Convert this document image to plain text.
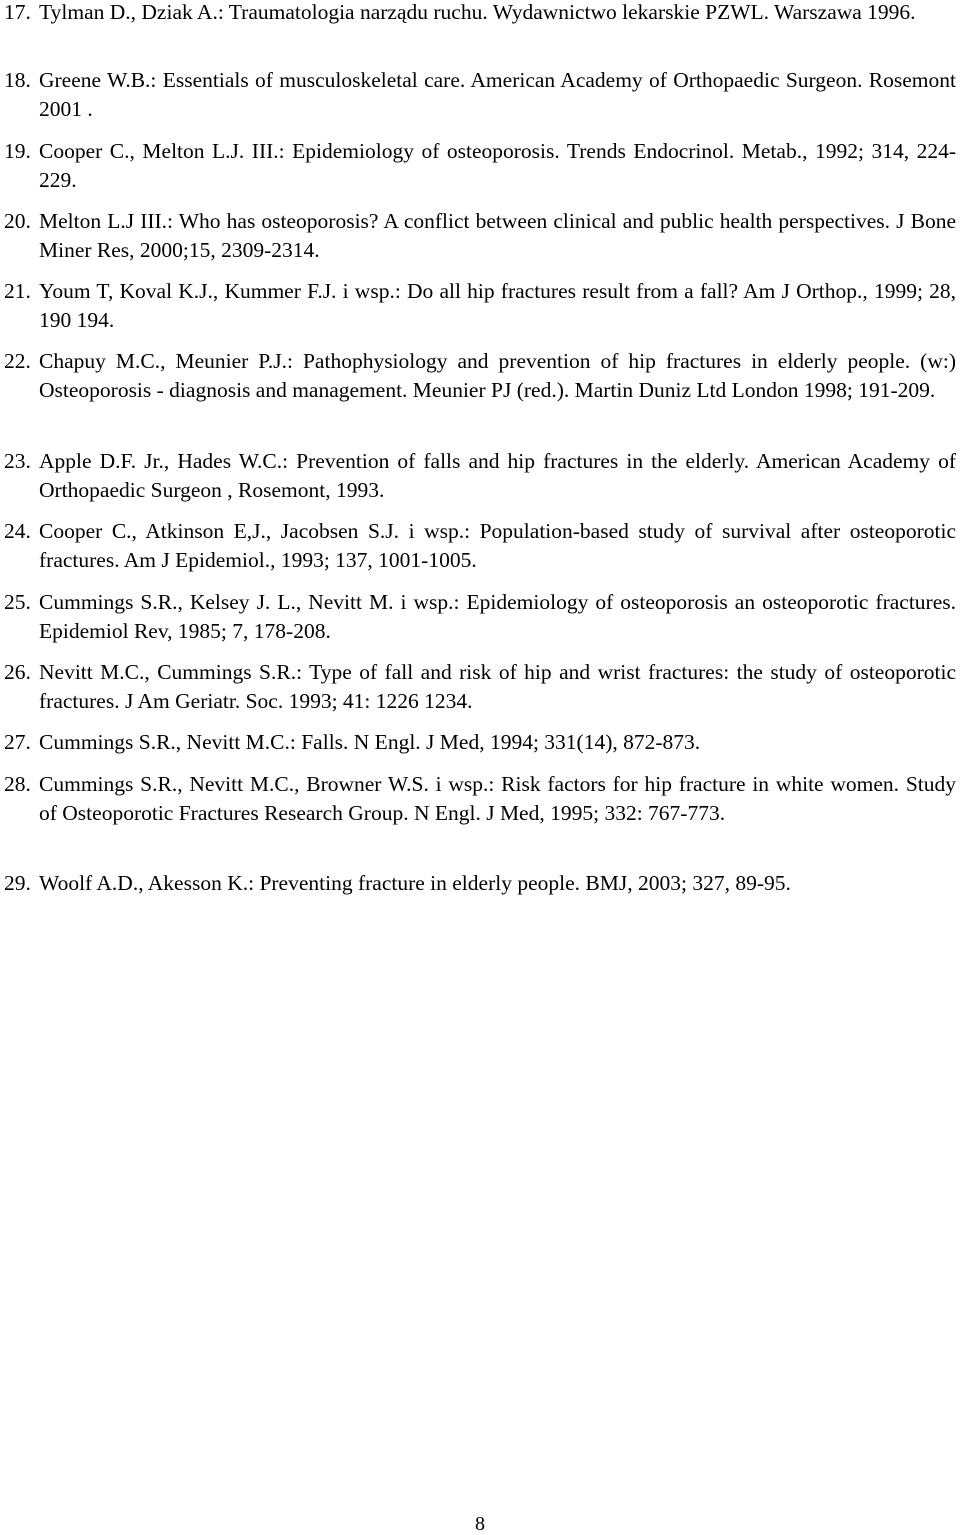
17. Tylman D., Dziak A.: Traumatologia narządu ruchu. Wydawnictwo lekarskie PZWL. Warszawa 1996.
18. Greene W.B.: Essentials of musculoskeletal care. American Academy of Orthopaedic Surgeon. Rosemont 2001 .
19. Cooper C., Melton L.J. III.: Epidemiology of osteoporosis. Trends Endocrinol. Metab., 1992; 314, 224-229.
20. Melton L.J III.: Who has osteoporosis? A conflict between clinical and public health perspectives. J Bone Miner Res, 2000;15, 2309-2314.
21. Youm T, Koval K.J., Kummer F.J. i wsp.: Do all hip fractures result from a fall? Am J Orthop., 1999; 28, 190 194.
22. Chapuy M.C., Meunier P.J.: Pathophysiology and prevention of hip fractures in elderly people. (w:) Osteoporosis - diagnosis and management. Meunier PJ (red.). Martin Duniz Ltd London 1998; 191-209.
23. Apple D.F. Jr., Hades W.C.: Prevention of falls and hip fractures in the elderly. American Academy of Orthopaedic Surgeon , Rosemont, 1993.
24. Cooper C., Atkinson E,J., Jacobsen S.J. i wsp.: Population-based study of survival after osteoporotic fractures. Am J Epidemiol., 1993; 137, 1001-1005.
25. Cummings S.R., Kelsey J. L., Nevitt M. i wsp.: Epidemiology of osteoporosis an osteoporotic fractures. Epidemiol Rev, 1985; 7, 178-208.
26. Nevitt M.C., Cummings S.R.: Type of fall and risk of hip and wrist fractures: the study of osteoporotic fractures. J Am Geriatr. Soc. 1993; 41: 1226 1234.
27. Cummings S.R., Nevitt M.C.: Falls. N Engl. J Med, 1994; 331(14), 872-873.
28. Cummings S.R., Nevitt M.C., Browner W.S. i wsp.: Risk factors for hip fracture in white women. Study of Osteoporotic Fractures Research Group. N Engl. J Med, 1995; 332: 767-773.
29. Woolf A.D., Akesson K.: Preventing fracture in elderly people. BMJ, 2003; 327, 89-95.
8
